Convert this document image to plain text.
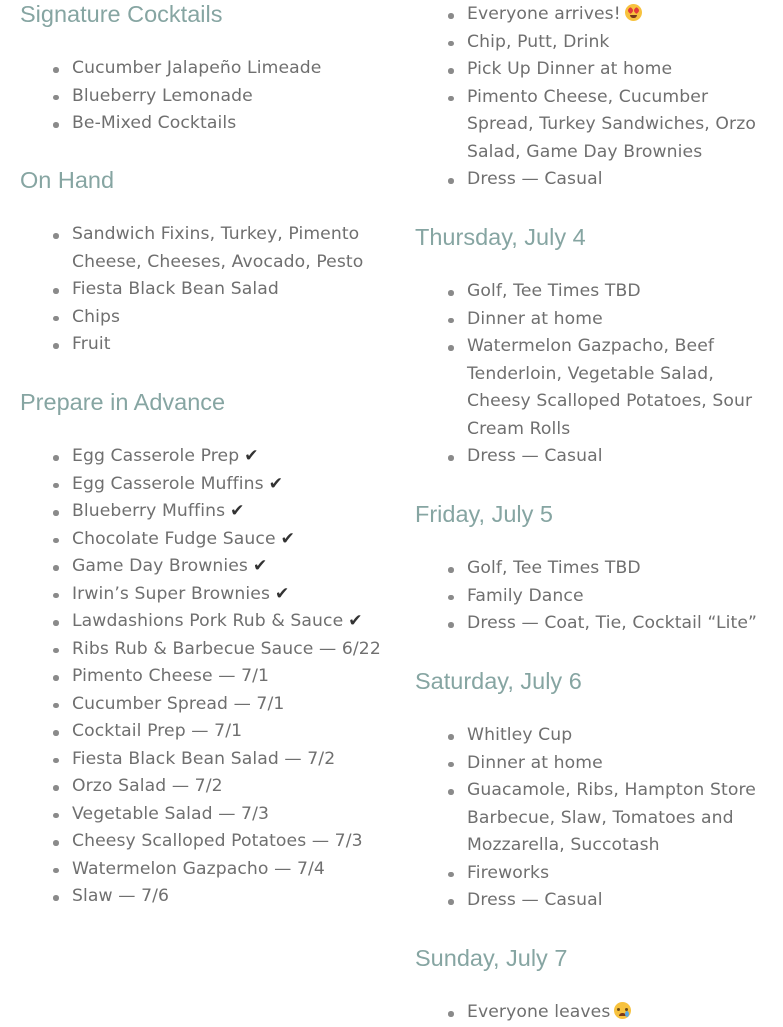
Signature Cocktails
Cucumber Jalapeño Limeade
Blueberry Lemonade
Be-Mixed Cocktails
On Hand
Sandwich Fixins, Turkey, Pimento Cheese, Cheeses, Avocado, Pesto
Fiesta Black Bean Salad
Chips
Fruit
Prepare in Advance
Egg Casserole Prep ✔
Egg Casserole Muffins ✔
Blueberry Muffins ✔
Chocolate Fudge Sauce ✔
Game Day Brownies ✔
Irwin’s Super Brownies ✔
Lawdashions Pork Rub & Sauce ✔
Ribs Rub & Barbecue Sauce — 6/22
Pimento Cheese — 7/1
Cucumber Spread — 7/1
Cocktail Prep — 7/1
Fiesta Black Bean Salad — 7/2
Orzo Salad — 7/2
Vegetable Salad — 7/3
Cheesy Scalloped Potatoes — 7/3
Watermelon Gazpacho — 7/4
Slaw — 7/6
Everyone arrives!
Chip, Putt, Drink
Pick Up Dinner at home
Pimento Cheese, Cucumber Spread, Turkey Sandwiches, Orzo Salad, Game Day Brownies
Dress — Casual
Thursday, July 4
Golf, Tee Times TBD
Dinner at home
Watermelon Gazpacho, Beef Tenderloin, Vegetable Salad, Cheesy Scalloped Potatoes, Sour Cream Rolls
Dress — Casual
Friday, July 5
Golf, Tee Times TBD
Family Dance
Dress — Coat, Tie, Cocktail “Lite”
Saturday, July 6
Whitley Cup
Dinner at home
Guacamole, Ribs, Hampton Store Barbecue, Slaw, Tomatoes and Mozzarella, Succotash
Fireworks
Dress — Casual
Sunday, July 7
Everyone leaves
